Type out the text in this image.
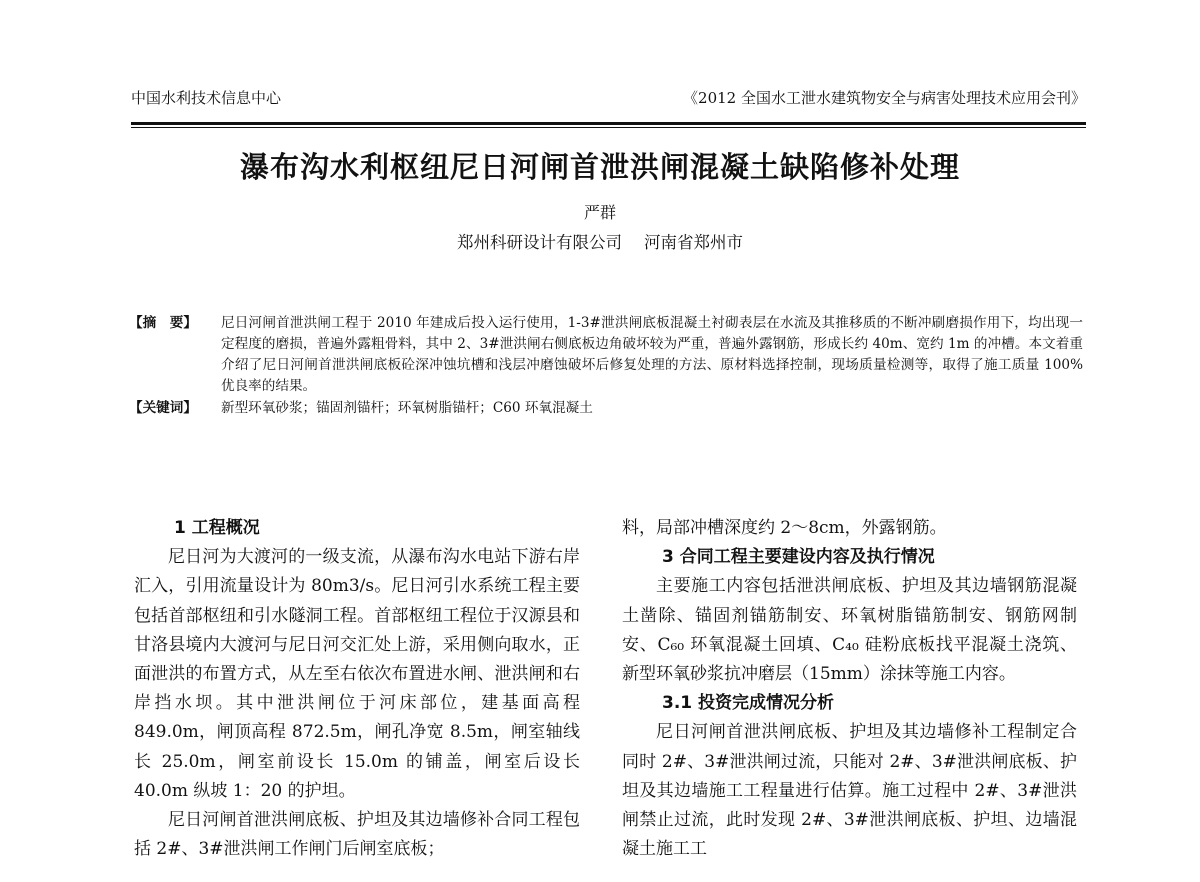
中国水利技术信息中心	《2012 全国水工泄水建筑物安全与病害处理技术应用会刊》
瀑布沟水利枢纽尼日河闸首泄洪闸混凝土缺陷修补处理
严群
郑州科研设计有限公司 河南省郑州市
【摘　要】 尼日河闸首泄洪闸工程于 2010 年建成后投入运行使用，1-3#泄洪闸底板混凝土衬砌表层在水流及其推移质的不断冲刷磨损作用下，均出现一定程度的磨损，普遍外露粗骨料，其中 2、3#泄洪闸右侧底板边角破坏较为严重，普遍外露钢筋，形成长约 40m、宽约 1m 的冲槽。本文着重介绍了尼日河闸首泄洪闸底板砼深冲蚀坑槽和浅层冲磨蚀破坏后修复处理的方法、原材料选择控制，现场质量检测等，取得了施工质量 100% 优良率的结果。
【关键词】 新型环氧砂浆；锚固剂锚杆；环氧树脂锚杆；C60 环氧混凝土
1 工程概况

尼日河为大渡河的一级支流，从瀑布沟水电站下游右岸汇入，引用流量设计为 80m3/s。尼日河引水系统工程主要包括首部枢纽和引水隧洞工程。首部枢纽工程位于汉源县和甘洛县境内大渡河与尼日河交汇处上游，采用侧向取水，正面泄洪的布置方式，从左至右依次布置进水闸、泄洪闸和右岸挡水坝。其中泄洪闸位于河床部位，建基面高程 849.0m，闸顶高程 872.5m，闸孔净宽 8.5m，闸室轴线长 25.0m，闸室前设长 15.0m 的铺盖，闸室后设长 40.0m 纵坡 1：20 的护坦。

尼日河闸首泄洪闸底板、护坦及其边墙修补合同工程包括 2#、3#泄洪闸工作闸门后闸室底板；

料，局部冲槽深度约 2～8cm，外露钢筋。

3 合同工程主要建设内容及执行情况

主要施工内容包括泄洪闸底板、护坦及其边墙钢筋混凝土凿除、锚固剂锚筋制安、环氧树脂锚筋制安、钢筋网制安、C₆₀ 环氧混凝土回填、C₄₀ 硅粉底板找平混凝土浇筑、新型环氧砂浆抗冲磨层（15mm）涂抹等施工内容。

3.1 投资完成情况分析

尼日河闸首泄洪闸底板、护坦及其边墙修补工程制定合同时 2#、3#泄洪闸过流，只能对 2#、3#泄洪闸底板、护坦及其边墙施工工程量进行估算。施工过程中 2#、3#泄洪闸禁止过流，此时发现 2#、3#泄洪闸底板、护坦、边墙混凝土施工工
